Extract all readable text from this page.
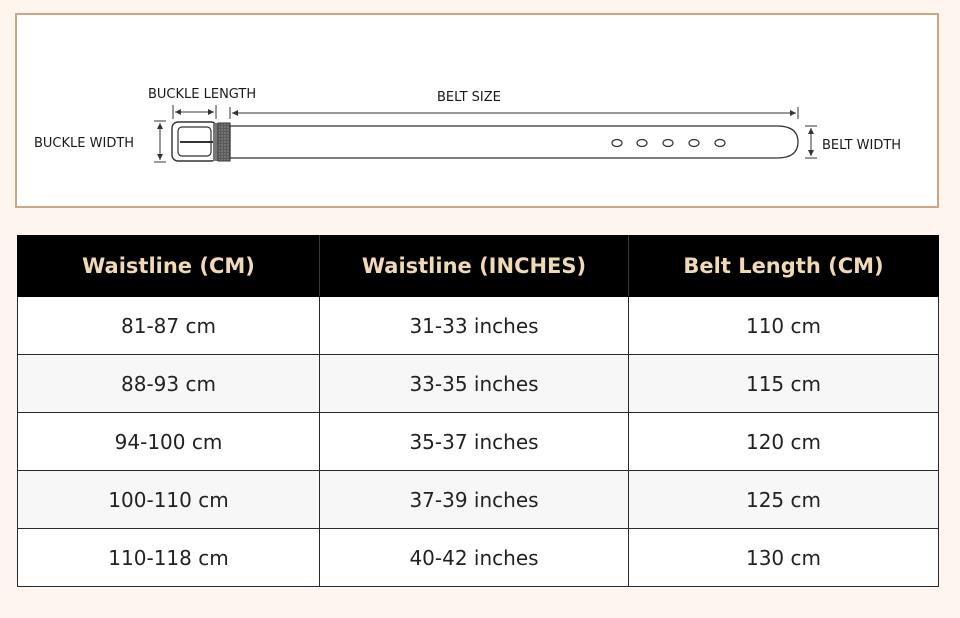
BUCKLE LENGTH	BELT SIZE
BUCKLE WIDTH	BELT WIDTH
Waistline (CM)	Waistline (INCHES)	Belt Length (CM)
81-87 cm	31-33 inches	110 cm
88-93 cm	33-35 inches	115 cm
94-100 cm	35-37 inches	120 cm
100-110 cm	37-39 inches	125 cm
110-118 cm	40-42 inches	130 cm
